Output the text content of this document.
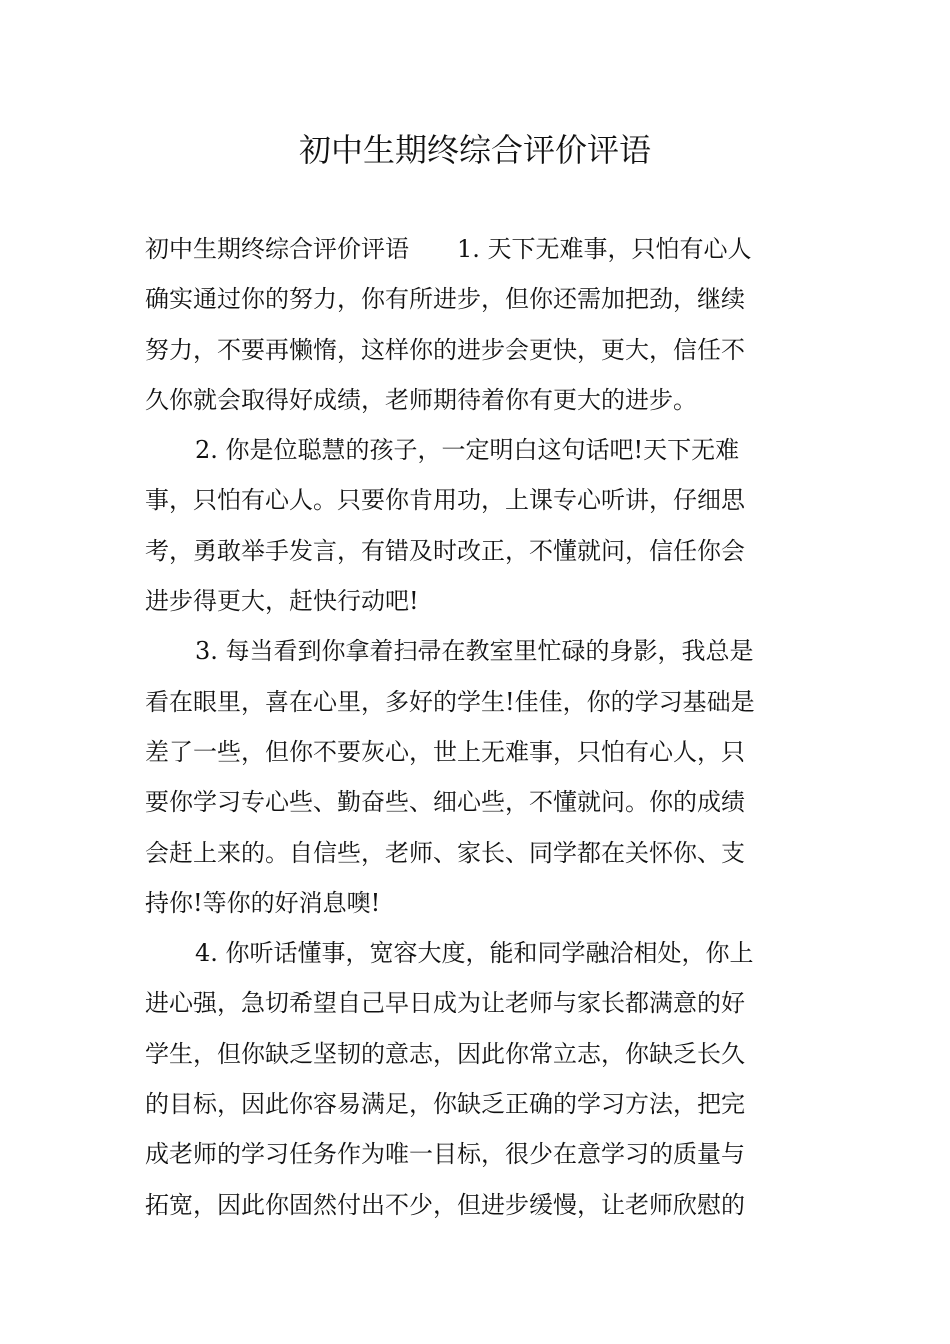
初中生期终综合评价评语

初中生期终综合评价评语　　1. 天下无难事，只怕有心人
确实通过你的努力，你有所进步，但你还需加把劲，继续
努力，不要再懒惰，这样你的进步会更快，更大，信任不
久你就会取得好成绩，老师期待着你有更大的进步。

2. 你是位聪慧的孩子，一定明白这句话吧!天下无难
事，只怕有心人。只要你肯用功，上课专心听讲，仔细思
考，勇敢举手发言，有错及时改正，不懂就问，信任你会
进步得更大，赶快行动吧!

3. 每当看到你拿着扫帚在教室里忙碌的身影，我总是
看在眼里，喜在心里，多好的学生!佳佳，你的学习基础是
差了一些，但你不要灰心，世上无难事，只怕有心人，只
要你学习专心些、勤奋些、细心些，不懂就问。你的成绩
会赶上来的。自信些，老师、家长、同学都在关怀你、支
持你!等你的好消息噢!

4. 你听话懂事，宽容大度，能和同学融洽相处，你上
进心强，急切希望自己早日成为让老师与家长都满意的好
学生，但你缺乏坚韧的意志，因此你常立志，你缺乏长久
的目标，因此你容易满足，你缺乏正确的学习方法，把完
成老师的学习任务作为唯一目标，很少在意学习的质量与
拓宽，因此你固然付出不少，但进步缓慢，让老师欣慰的
